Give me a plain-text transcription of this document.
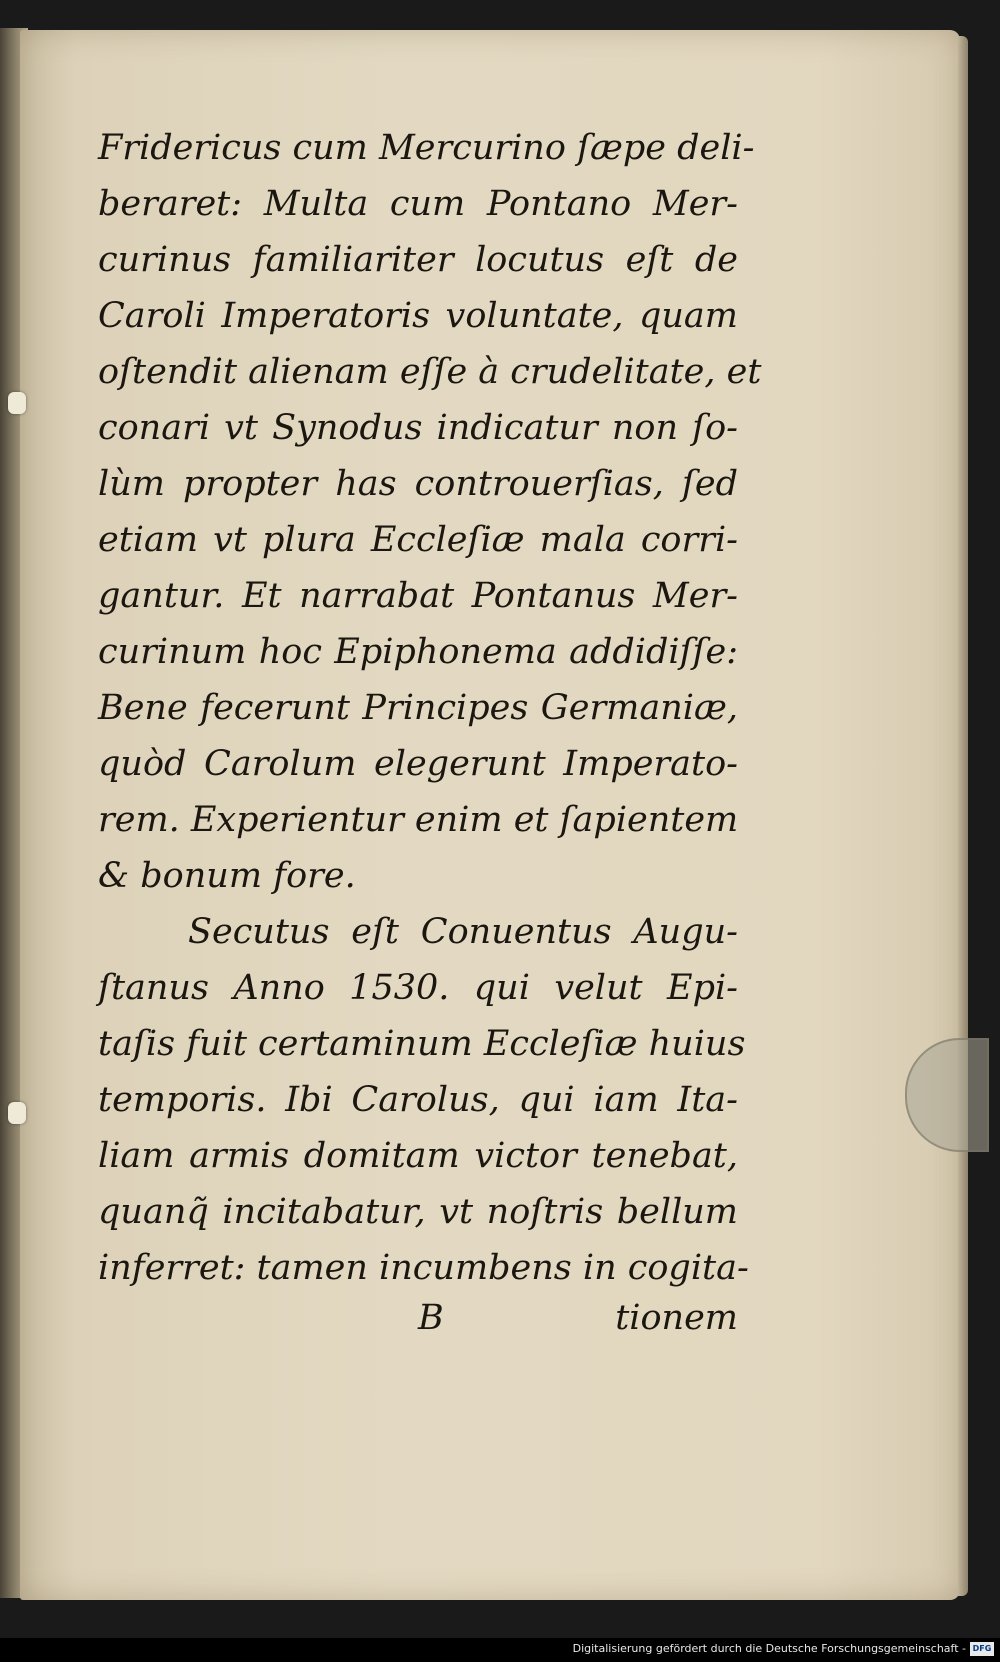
Fridericus cum Mercurino ſæpe deli-
beraret: Multa cum Pontano Mer-
curinus familiariter locutus eſt de
Caroli Imperatoris voluntate, quam
oſtendit alienam eſſe à crudelitate, et
conari vt Synodus indicatur non ſo-
lùm propter has controuerſias, ſed
etiam vt plura Eccleſiæ mala corri-
gantur. Et narrabat Pontanus Mer-
curinum hoc Epiphonema addidiſſe:
Bene fecerunt Principes Germaniæ,
quòd Carolum elegerunt Imperato-
rem. Experientur enim et ſapientem
& bonum fore.
Secutus eſt Conuentus Augu-
ſtanus Anno 1530. qui velut Epi-
taſis fuit certaminum Eccleſiæ huius
temporis. Ibi Carolus, qui iam Ita-
liam armis domitam victor tenebat,
quanq̃ incitabatur, vt noſtris bellum
inferret: tamen incumbens in cogita-
B	tionem
Digitalisierung gefördert durch die Deutsche Forschungsgemeinschaft - DFG
